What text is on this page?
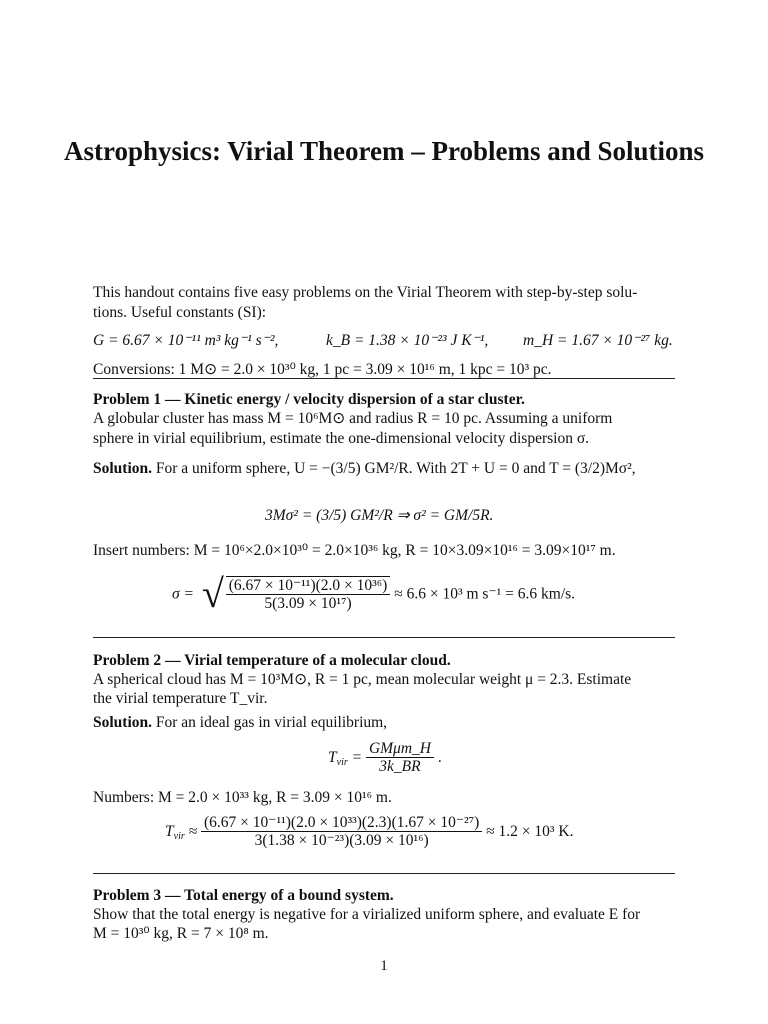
Astrophysics: Virial Theorem – Problems and Solutions
This handout contains five easy problems on the Virial Theorem with step-by-step solu-
tions. Useful constants (SI):
G = 6.67 × 10⁻¹¹ m³ kg⁻¹ s⁻²,	k_B = 1.38 × 10⁻²³ J K⁻¹, m_H = 1.67 × 10⁻²⁷ kg.
Conversions: 1 M⊙ = 2.0 × 10³⁰ kg, 1 pc = 3.09 × 10¹⁶ m, 1 kpc = 10³ pc.
Problem 1 — Kinetic energy / velocity dispersion of a star cluster.
A globular cluster has mass M = 10⁶M⊙ and radius R = 10 pc. Assuming a uniform
sphere in virial equilibrium, estimate the one-dimensional velocity dispersion σ.
Solution. For a uniform sphere, U = −(3/5) GM²/R. With 2T + U = 0 and T = (3/2)Mσ²,
3Mσ² = (3/5) GM²/R ⇒ σ² = GM/5R.
Insert numbers: M = 10⁶×2.0×10³⁰ = 2.0×10³⁶ kg, R = 10×3.09×10¹⁶ = 3.09×10¹⁷ m.
σ = √ $\frac{\text{(6.67 × 10⁻¹¹)(2.0 × 10³⁶)}}{\text{5(3.09 × 10¹⁷)}} \approx 6.6 \times 10^3$ m s⁻¹ = 6.6 km/s.
Problem 2 — Virial temperature of a molecular cloud.
A spherical cloud has M = 10³M⊙, R = 1 pc, mean molecular weight μ = 2.3. Estimate
the virial temperature T_vir.
Solution. For an ideal gas in virial equilibrium,
$T_{vir} = \frac{\text{GMμm\_H}}{3k\_BR}$ .
Numbers: M = 2.0 × 10³³ kg, R = 3.09 × 10¹⁶ m.
$T_{vir} \approx \frac{\text{(6.67 × 10⁻¹¹)(2.0 × 10³³)(2.3)(1.67 × 10⁻²⁷)}}{\text{3(1.38 × 10⁻²³)(3.09 × 10¹⁶)}} \approx 1.2 \times 10^3$ K.
Problem 3 — Total energy of a bound system.
Show that the total energy is negative for a virialized uniform sphere, and evaluate E for
M = 10³⁰ kg, R = 7 × 10⁸ m.
1
